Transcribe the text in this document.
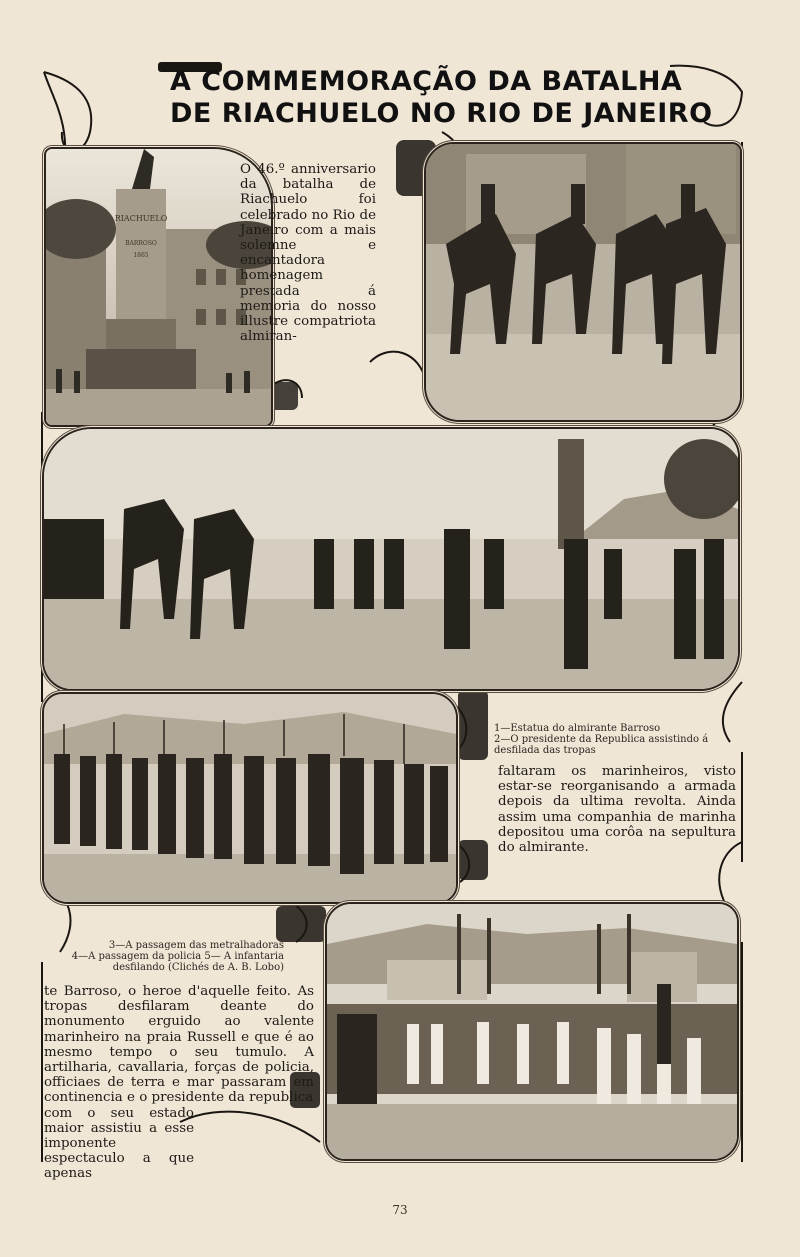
A COMMEMORAÇÃO DA BATALHA
DE RIACHUELO NO RIO DE JANEIRO
RIACHUELO
BARROSO
1865

O 46.º anniversario da batalha de Riachuelo foi celebrado no Rio de Janeiro com a mais solemne e encantadora homenagem prestada á memoria do nosso illustre compatriota almiran-

1—Estatua do almirante Barroso
2—O presidente da Republica assistindo á desfilada das tropas

faltaram os marinheiros, visto estar-se reorganisando a armada depois da ultima revolta. Ainda assim uma companhia de marinha depositou uma corôa na sepultura do almirante.

3—A passagem das metralhadoras
4—A passagem da policia 5— A infantaria desfilando (Clichés de A. B. Lobo)

te Barroso, o heroe d'aquelle feito. As tropas desfilaram deante do monumento erguido ao valente marinheiro na praia Russell e que é ao mesmo tempo o seu tumulo. A artilharia, cavallaria, forças de policia, officiaes de terra e mar passaram em continencia e o presidente da republica

com o seu estado maior assistiu a esse imponente espectaculo a que apenas

73
